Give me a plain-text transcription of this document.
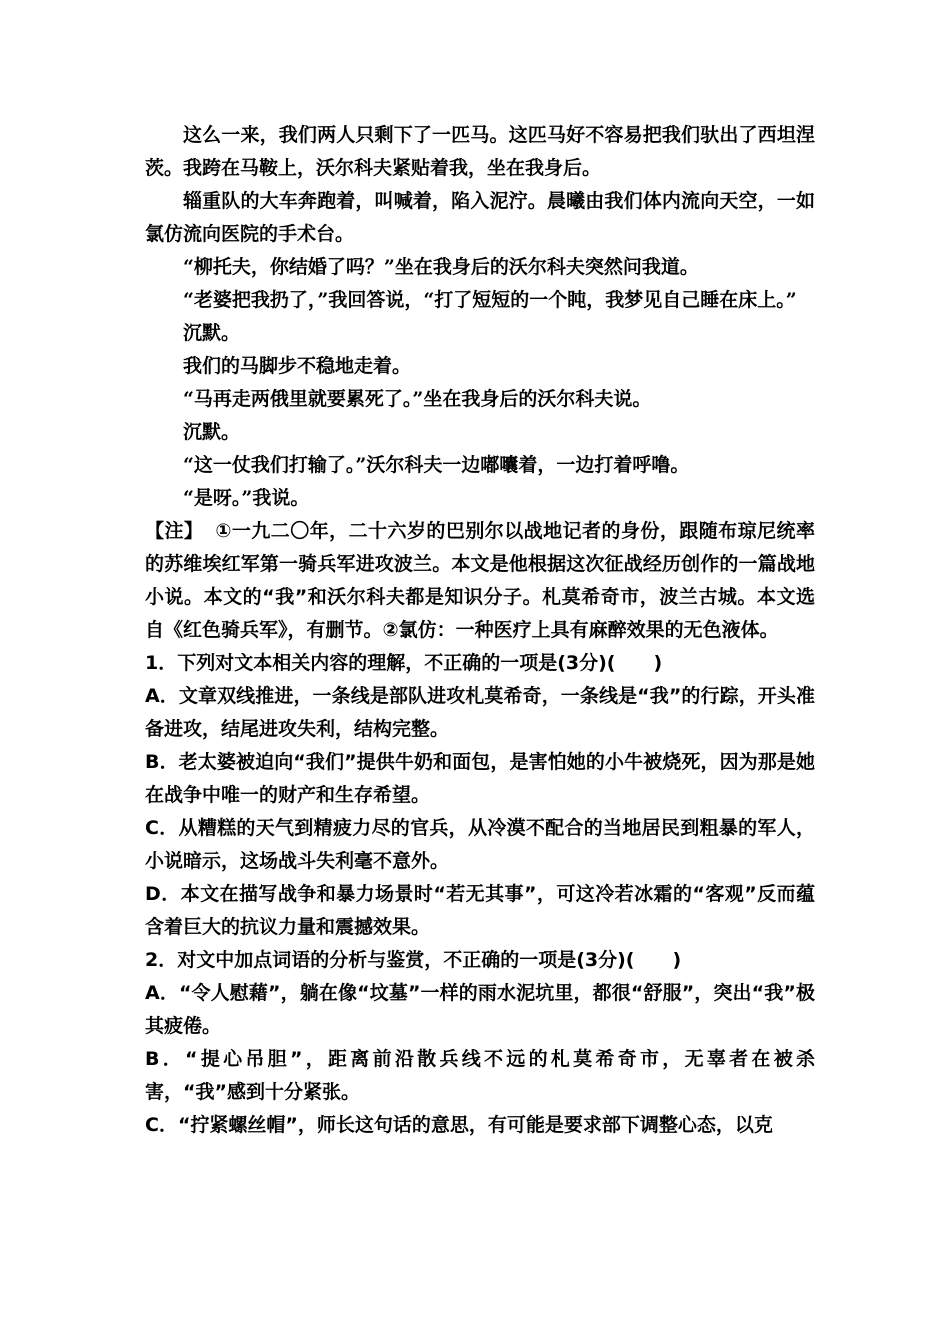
这么一来，我们两人只剩下了一匹马。这匹马好不容易把我们驮出了西坦涅茨。我跨在马鞍上，沃尔科夫紧贴着我，坐在我身后。

辎重队的大车奔跑着，叫喊着，陷入泥泞。晨曦由我们体内流向天空，一如氯仿流向医院的手术台。

“柳托夫，你结婚了吗？”坐在我身后的沃尔科夫突然问我道。

“老婆把我扔了，”我回答说，“打了短短的一个盹，我梦见自己睡在床上。”

沉默。

我们的马脚步不稳地走着。

“马再走两俄里就要累死了。”坐在我身后的沃尔科夫说。

沉默。

“这一仗我们打输了。”沃尔科夫一边嘟囔着，一边打着呼噜。

“是呀。”我说。

【注】 ①一九二〇年，二十六岁的巴别尔以战地记者的身份，跟随布琼尼统率的苏维埃红军第一骑兵军进攻波兰。本文是他根据这次征战经历创作的一篇战地小说。本文的“我”和沃尔科夫都是知识分子。札莫希奇市，波兰古城。本文选自《红色骑兵军》，有删节。②氯仿：一种医疗上具有麻醉效果的无色液体。

1．下列对文本相关内容的理解，不正确的一项是(3分)(　　)

A．文章双线推进，一条线是部队进攻札莫希奇，一条线是“我”的行踪，开头准备进攻，结尾进攻失利，结构完整。

B．老太婆被迫向“我们”提供牛奶和面包，是害怕她的小牛被烧死，因为那是她在战争中唯一的财产和生存希望。

C．从糟糕的天气到精疲力尽的官兵，从冷漠不配合的当地居民到粗暴的军人，小说暗示，这场战斗失利毫不意外。

D．本文在描写战争和暴力场景时“若无其事”，可这冷若冰霜的“客观”反而蕴含着巨大的抗议力量和震撼效果。

2．对文中加点词语的分析与鉴赏，不正确的一项是(3分)(　　)

A．“令人慰藉”，躺在像“坟墓”一样的雨水泥坑里，都很“舒服”，突出“我”极其疲倦。

B．“提心吊胆”，距离前沿散兵线不远的札莫希奇市，无辜者在被杀害，“我”感到十分紧张。

C．“拧紧螺丝帽”，师长这句话的意思，有可能是要求部下调整心态，以克
